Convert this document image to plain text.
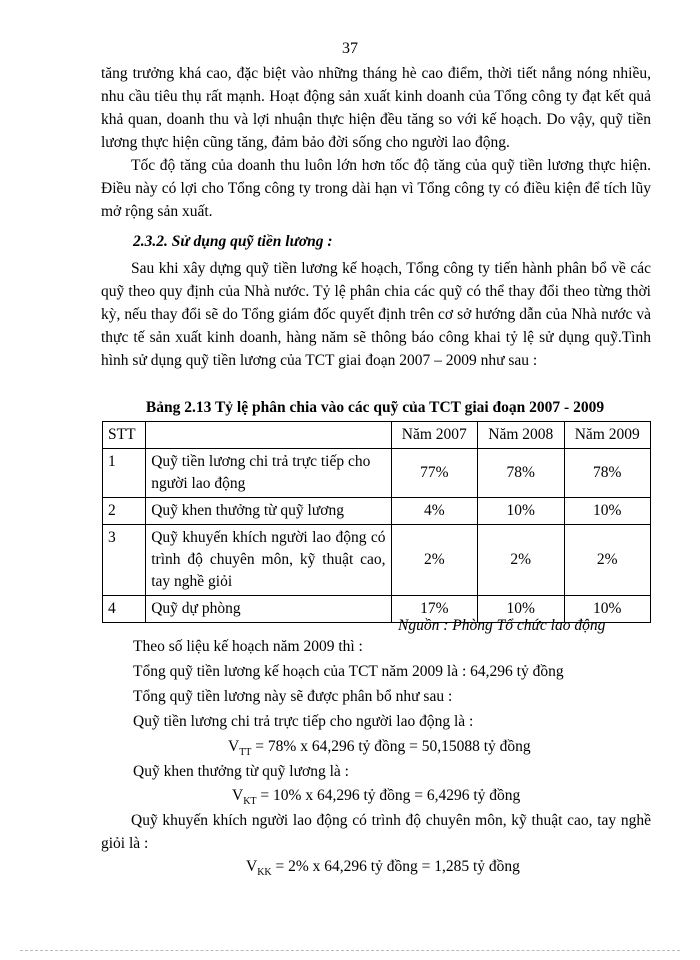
37

tăng trưởng khá cao, đặc biệt vào những tháng hè cao điểm, thời tiết nắng nóng nhiều, nhu cầu tiêu thụ rất mạnh. Hoạt động sản xuất kinh doanh của Tổng công ty đạt kết quả khả quan, doanh thu và lợi nhuận thực hiện đều tăng so với kế hoạch. Do vậy, quỹ tiền lương thực hiện cũng tăng, đảm bảo đời sống cho người lao động.

Tốc độ tăng của doanh thu luôn lớn hơn tốc độ tăng của quỹ tiền lương thực hiện. Điều này có lợi cho Tổng công ty trong dài hạn vì Tổng công ty có điều kiện để tích lũy mở rộng sản xuất.

2.3.2. Sử dụng quỹ tiền lương :

Sau khi xây dựng quỹ tiền lương kế hoạch, Tổng công ty tiến hành phân bổ về các quỹ theo quy định của Nhà nước. Tỷ lệ phân chia các quỹ có thể thay đổi theo từng thời kỳ, nếu thay đổi sẽ do Tổng giám đốc quyết định trên cơ sở hướng dẫn của Nhà nước và thực tế sản xuất kinh doanh, hàng năm sẽ thông báo công khai tỷ lệ sử dụng quỹ.Tình hình sử dụng quỹ tiền lương của TCT giai đoạn 2007 – 2009 như sau :

Bảng 2.13 Tỷ lệ phân chia vào các quỹ của TCT giai đoạn 2007 - 2009
STT		Năm 2007	Năm 2008	Năm 2009
1	Quỹ tiền lương chi trả trực tiếp cho người lao động	77%	78%	78%
2	Quỹ khen thưởng từ quỹ lương	4%	10%	10%
3	Quỹ khuyến khích người lao động có trình độ chuyên môn, kỹ thuật cao, tay nghề giỏi	2%	2%	2%
4	Quỹ dự phòng	17%	10%	10%
Nguồn : Phòng Tổ chức lao động
Theo số liệu kế hoạch năm 2009 thì :
Tổng quỹ tiền lương kế hoạch của TCT năm 2009 là : 64,296 tỷ đồng
Tổng quỹ tiền lương này sẽ được phân bổ như sau :
Quỹ tiền lương chi trả trực tiếp cho người lao động là :
$V_{TT} = 78\%$ x 64,296 tỷ đồng = 50,15088 tỷ đồng
Quỹ khen thưởng từ quỹ lương là :
$V_{KT} = 10\%$ x 64,296 tỷ đồng = 6,4296 tỷ đồng

Quỹ khuyến khích người lao động có trình độ chuyên môn, kỹ thuật cao, tay nghề giỏi là :

$V_{KK} = 2\%$ x 64,296 tỷ đồng = 1,285 tỷ đồng
